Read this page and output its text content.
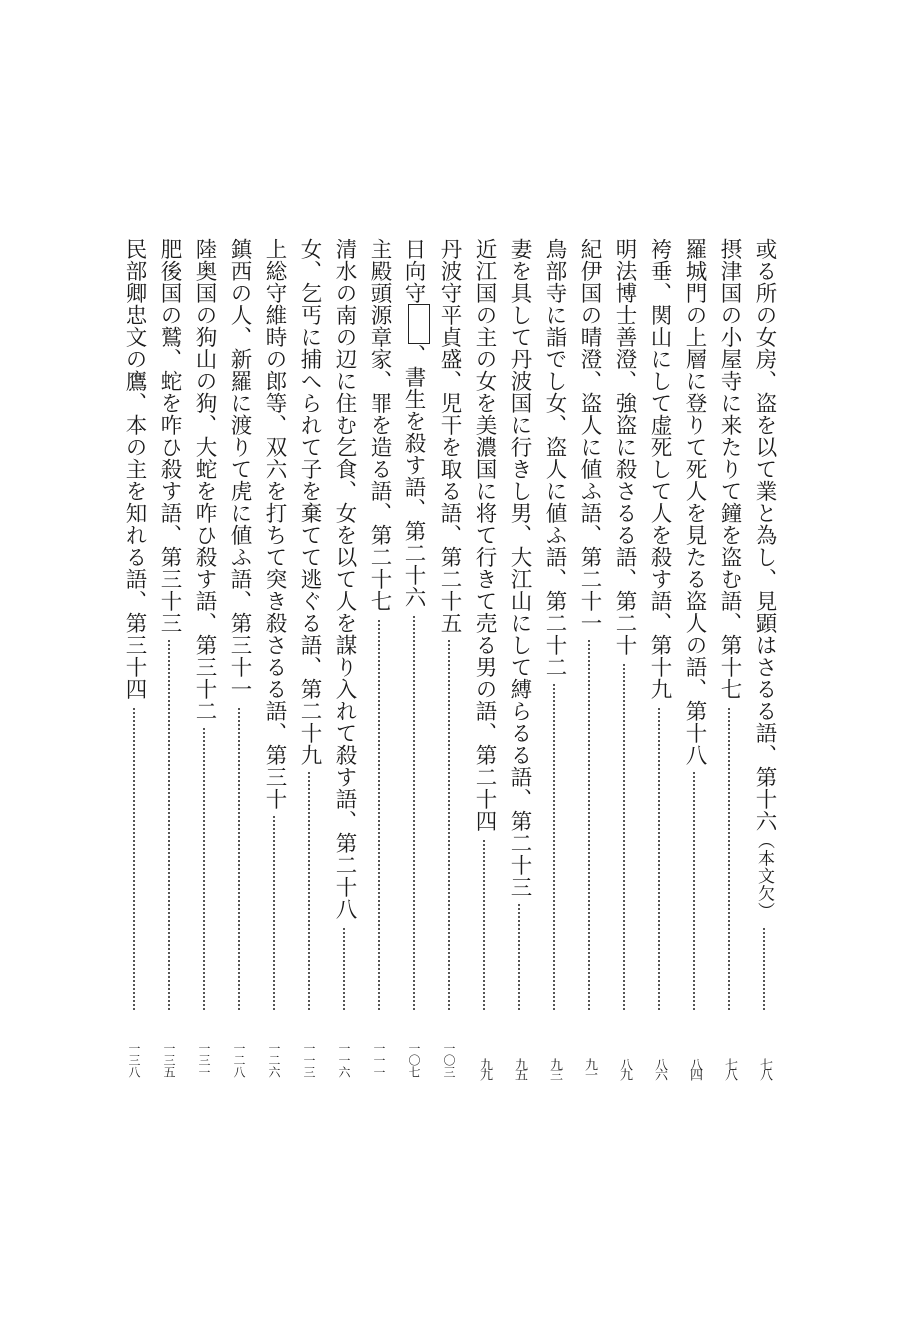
或る所の女房、盗を以て業と為し、見顕はさるる語、第十六（本文欠）
七八
摂津国の小屋寺に来たりて鐘を盗む語、第十七
七八
羅城門の上層に登りて死人を見たる盗人の語、第十八
八四
袴垂、関山にして虚死して人を殺す語、第十九
八六
明法博士善澄、強盗に殺さるる語、第二十
八九
紀伊国の晴澄、盗人に値ふ語、第二十一
九一
鳥部寺に詣でし女、盗人に値ふ語、第二十二
九三
妻を具して丹波国に行きし男、大江山にして縛らるる語、第二十三
九五
近江国の主の女を美濃国に将て行きて売る男の語、第二十四
九九
丹波守平貞盛、児干を取る語、第二十五
一〇三
日向守、書生を殺す語、第二十六
一〇七
主殿頭源章家、罪を造る語、第二十七
一一一
清水の南の辺に住む乞食、女を以て人を謀り入れて殺す語、第二十八
一一六
女、乞丐に捕へられて子を棄てて逃ぐる語、第二十九
一一三
上総守維時の郎等、双六を打ちて突き殺さるる語、第三十
一二六
鎮西の人、新羅に渡りて虎に値ふ語、第三十一
一二八
陸奥国の狗山の狗、大蛇を咋ひ殺す語、第三十二
一三一
肥後国の鷲、蛇を咋ひ殺す語、第三十三
一三五
民部卿忠文の鷹、本の主を知れる語、第三十四
一三八
